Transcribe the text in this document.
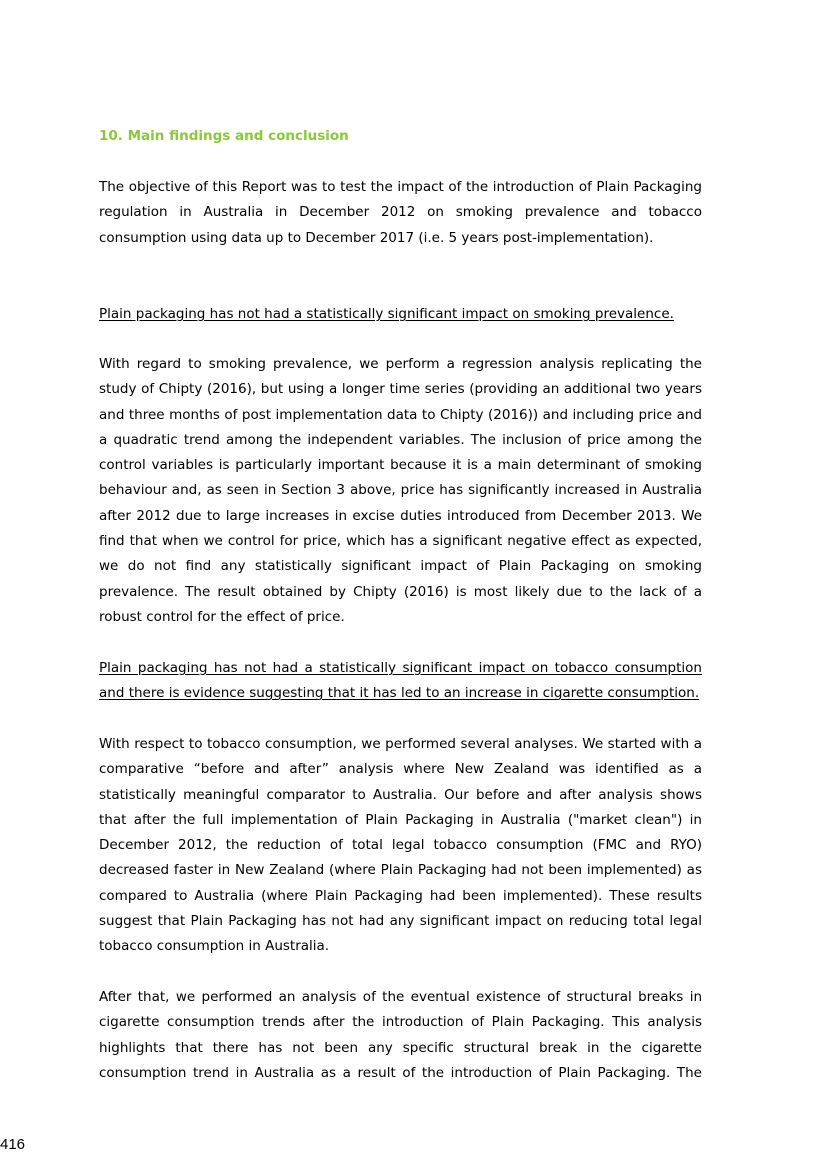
10. Main findings and conclusion

The objective of this Report was to test the impact of the introduction of Plain Packaging regulation in Australia in December 2012 on smoking prevalence and tobacco consumption using data up to December 2017 (i.e. 5 years post-implementation).

Plain packaging has not had a statistically significant impact on smoking prevalence.

With regard to smoking prevalence, we perform a regression analysis replicating the study of Chipty (2016), but using a longer time series (providing an additional two years and three months of post implementation data to Chipty (2016)) and including price and a quadratic trend among the independent variables. The inclusion of price among the control variables is particularly important because it is a main determinant of smoking behaviour and, as seen in Section 3 above, price has significantly increased in Australia after 2012 due to large increases in excise duties introduced from December 2013. We find that when we control for price, which has a significant negative effect as expected, we do not find any statistically significant impact of Plain Packaging on smoking prevalence. The result obtained by Chipty (2016) is most likely due to the lack of a robust control for the effect of price.

Plain packaging has not had a statistically significant impact on tobacco consumption and there is evidence suggesting that it has led to an increase in cigarette consumption.

With respect to tobacco consumption, we performed several analyses. We started with a comparative “before and after” analysis where New Zealand was identified as a statistically meaningful comparator to Australia. Our before and after analysis shows that after the full implementation of Plain Packaging in Australia ("market clean") in December 2012, the reduction of total legal tobacco consumption (FMC and RYO) decreased faster in New Zealand (where Plain Packaging had not been implemented) as compared to Australia (where Plain Packaging had been implemented). These results suggest that Plain Packaging has not had any significant impact on reducing total legal tobacco consumption in Australia.

After that, we performed an analysis of the eventual existence of structural breaks in cigarette consumption trends after the introduction of Plain Packaging. This analysis highlights that there has not been any specific structural break in the cigarette consumption trend in Australia as a result of the introduction of Plain Packaging. The

416
